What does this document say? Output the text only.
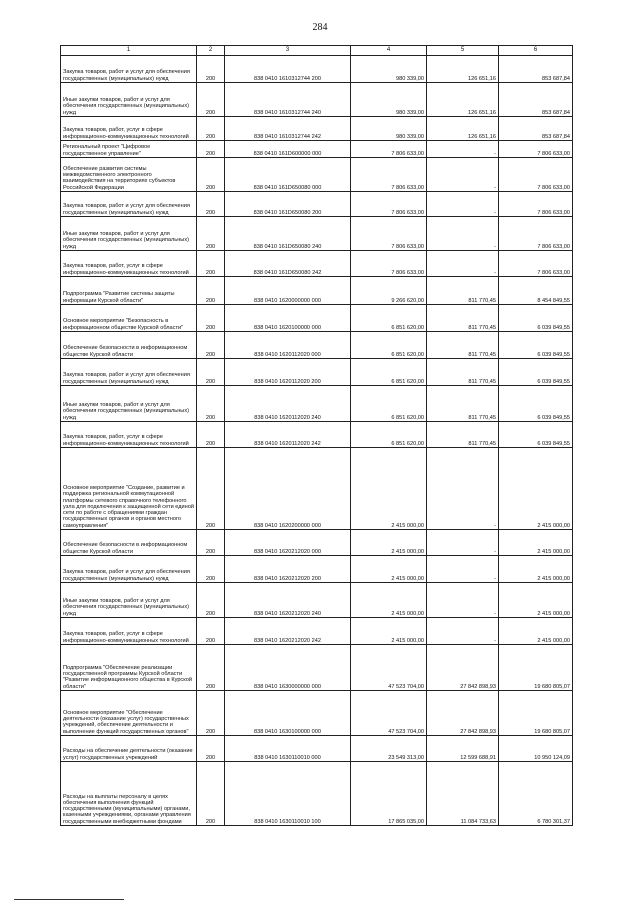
284
1	2	3	4	5	6
Закупка товаров, работ и услуг для обеспечения государственных (муниципальных) нужд	200	838 0410 1610312744 200	980 339,00	126 651,16	853 687,84
Иные закупки товаров, работ и услуг для обеспечения государственных (муниципальных) нужд	200	838 0410 1610312744 240	980 339,00	126 651,16	853 687,84
Закупка товаров, работ, услуг в сфере информационно-коммуникационных технологий	200	838 0410 1610312744 242	980 339,00	126 651,16	853 687,84
Региональный проект "Цифровое государственное управление"	200	838 0410 161D600000 000	7 806 633,00	-	7 806 633,00
Обеспечение развития системы межведомственного электронного взаимодействия на территориях субъектов Российской Федерации	200	838 0410 161D650080 000	7 806 633,00	-	7 806 633,00
Закупка товаров, работ и услуг для обеспечения государственных (муниципальных) нужд	200	838 0410 161D650080 200	7 806 633,00	-	7 806 633,00
Иные закупки товаров, работ и услуг для обеспечения государственных (муниципальных) нужд	200	838 0410 161D650080 240	7 806 633,00	-	7 806 633,00
Закупка товаров, работ, услуг в сфере информационно-коммуникационных технологий	200	838 0410 161D650080 242	7 806 633,00	-	7 806 633,00
Подпрограмма "Развитие системы защиты информации Курской области"	200	838 0410 1620000000 000	9 266 620,00	811 770,45	8 454 849,55
Основное мероприятие "Безопасность в информационном обществе Курской области"	200	838 0410 1620100000 000	6 851 620,00	811 770,45	6 039 849,55
Обеспечение безопасности в информационном обществе Курской области	200	838 0410 1620112020 000	6 851 620,00	811 770,45	6 039 849,55
Закупка товаров, работ и услуг для обеспечения государственных (муниципальных) нужд	200	838 0410 1620112020 200	6 851 620,00	811 770,45	6 039 849,55
Иные закупки товаров, работ и услуг для обеспечения государственных (муниципальных) нужд	200	838 0410 1620112020 240	6 851 620,00	811 770,45	6 039 849,55
Закупка товаров, работ, услуг в сфере информационно-коммуникационных технологий	200	838 0410 1620112020 242	6 851 620,00	811 770,45	6 039 849,55
Основное мероприятие "Создание, развитие и поддержка региональной коммутационной платформы сетевого справочного телефонного узла для подключения к защищенной сети единой сети по работе с обращениями граждан государственных органов и органов местного самоуправления"	200	838 0410 1620200000 000	2 415 000,00	-	2 415 000,00
Обеспечение безопасности в информационном обществе Курской области	200	838 0410 1620212020 000	2 415 000,00	-	2 415 000,00
Закупка товаров, работ и услуг для обеспечения государственных (муниципальных) нужд	200	838 0410 1620212020 200	2 415 000,00	-	2 415 000,00
Иные закупки товаров, работ и услуг для обеспечения государственных (муниципальных) нужд	200	838 0410 1620212020 240	2 415 000,00	-	2 415 000,00
Закупка товаров, работ, услуг в сфере информационно-коммуникационных технологий	200	838 0410 1620212020 242	2 415 000,00	-	2 415 000,00
Подпрограмма "Обеспечение реализации государственной программы Курской области "Развитие информационного общества в Курской области"	200	838 0410 1630000000 000	47 523 704,00	27 842 898,93	19 680 805,07
Основное мероприятие "Обеспечение деятельности (оказание услуг) государственных учреждений, обеспечение деятельности и выполнение функций государственных органов"	200	838 0410 1630100000 000	47 523 704,00	27 842 898,93	19 680 805,07
Расходы на обеспечение деятельности (оказание услуг) государственных учреждений	200	838 0410 1630110010 000	23 549 313,00	12 599 688,91	10 950 124,09
Расходы на выплаты персоналу в целях обеспечения выполнения функций государственными (муниципальными) органами, казенными учреждениями, органами управления государственными внебюджетными фондами	200	838 0410 1630110010 100	17 865 035,00	11 084 733,63	6 780 301,37
